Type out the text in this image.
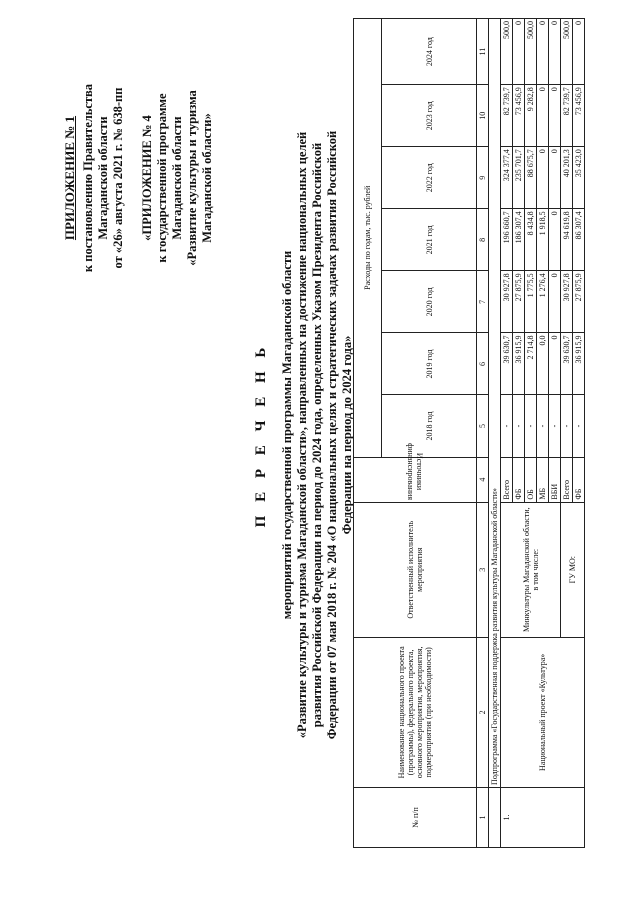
ПРИЛОЖЕНИЕ № 1 к постановлению Правительства Магаданской области от «26» августа 2021 г. № 638-пп «ПРИЛОЖЕНИЕ № 4 к государственной программе Магаданской области «Развитие культуры и туризма Магаданской области»
П Е Р Е Ч Е Н Ь мероприятий государственной программы Магаданской области «Развитие культуры и туризма Магаданской области», направленных на достижение национальных целей развития Российской Федерации на период до 2024 года, определенных Указом Президента Российской Федерации от 07 мая 2018 г. № 204 «О национальных целях и стратегических задачах развития Российской Федерации на период до 2024 года»
№ п/п	Наименование национального проекта (программы), федерального проекта, основного мероприятия, мероприятия, подмероприятия (при необходимости)	Ответственный исполнитель мероприятия	Источники финансирования	Расходы по годам, тыс. рублей						
				2018 год	2019 год	2020 год	2021 год	2022 год	2023 год	2024 год
1	2	3	4	5	6	7	8	9	10	11
	Подпрограмма «Государственная поддержка развития культуры Магаданской области»									
1.	Национальный проект «Культура»	Минкультуры Магаданской области, в том числе:	Всего	-	39 630,7	30 927,8	196 660,7	324 377,4	82 739,7	500,0
			ФБ	-	36 915,9	27 875,9	186 307,4	235 701,7	73 456,9	0
			ОБ	-	2 714,8	1 775,5	8 434,8	88 675,7	9 282,8	500,0
			МБ	-	0,0	1 276,4	1 918,5	0	0	0
			ВБИ	-	0	0	0	0	0	0
		ГУ МО:	Всего	-	39 630,7	30 927,8	94 619,8	40 201,3	82 739,7	500,0
			ФБ	-	36 915,9	27 875,9	86 307,4	35 423,0	73 456,9	0
